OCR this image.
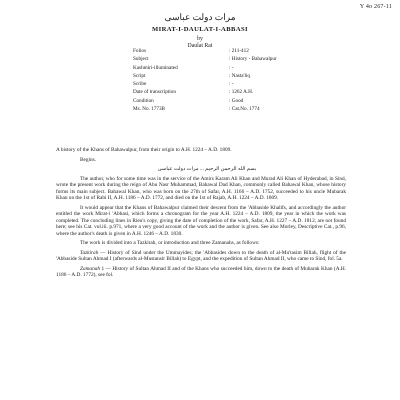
Y 4o 267-11
مرات دولت عباسی
MIRAT-I-DAULAT-I-ABBASI
by
Daulat Rai
Folios	: 211-412
Subject	: History - Bahawalpur
Kashmiri-illuminated	: -
Script	: Nasta'liq
Scribe	: -
Date of transcription	: 1262 A.H.
Condition	: Good
Ms. No. 1773B	: Cat.No. 1774

A history of the Khans of Bahawalpur, from their origin to A.H. 1224 – A.D. 1809.

Begins.

بسم الله الرحمن الرحیم ... مرات دولت عباسی

The author, who for some time was in the service of the Amirs Karam Ali Khan and Murad Ali Khan of Hyderabad, in Sind, wrote the present work during the reign of Abu Nasr Muhammad, Bahawal Dad Khan, commonly called Bahawal Khan, whose history forms its main subject. Bahawal Khan, who was born on the 27th of Safar, A.H. 1166 – A.D. 1752, succeeded to his uncle Mubarak Khan on the 1st of Rabi II, A.H. 1186 – A.D. 1772, and died on the 1st of Rajab, A.H. 1224 – A.D. 1809.

It would appear that the Khans of Bahawalpur claimed their descent from the 'Abbaside Khalifs, and accordingly the author entitled the work Mirat-i 'Abbasi, which forms a chronogram for the year A.H. 1224 – A.D. 1809, the year in which the work was completed. The concluding lines in Rieu's copy, giving the date of completion of the work, Safar, A.H. 1227 – A.D. 1812, are not found here; see his Cat. vol.iii. p.971, where a very good account of the work and the author is given. See also Morley, Descriptive Cat., p.96, where the author's death is given in A.H. 1246 – A.D. 1830.

The work is divided into a Tazkirah, or introduction and three Zamanahs, as follows:

Tazkirah — History of Sind under the Ummayides; the 'Abbasides down to the death of al-Mu'tasim Billah, flight of the 'Abbaside Sultan Ahmad I (afterwards al-Mustansir Billah) to Egypt, and the expedition of Sultan Ahmad II, who came to Sind, fol. 5a.

Zamanah 1 — History of Sultan Ahmad II and of the Khans who succeeded him, down to the death of Mubarak Khan (A.H. 1186 – A.D. 1772), see fol.
